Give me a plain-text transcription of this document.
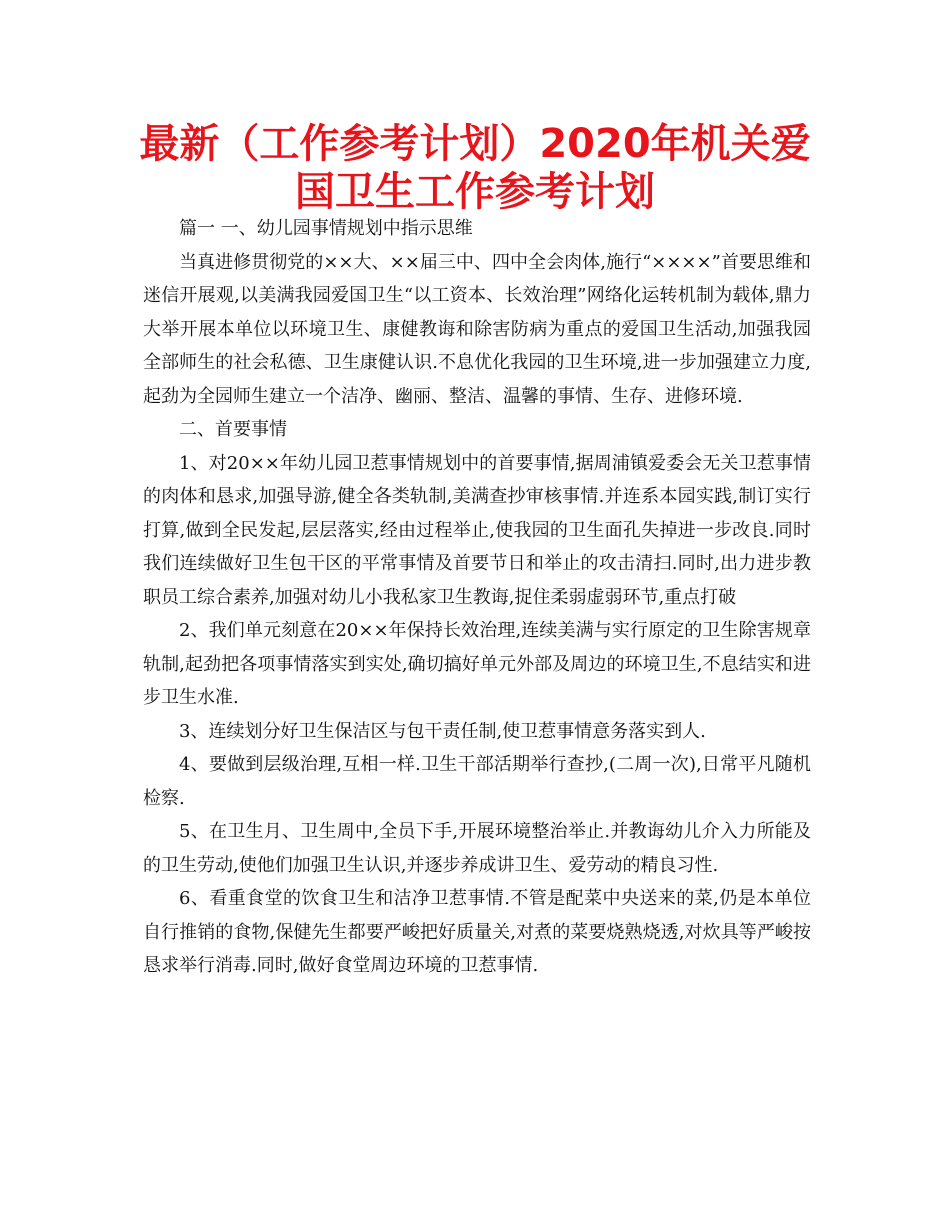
最新（工作参考计划）2020年机关爱国卫生工作参考计划

篇一 一、幼儿园事情规划中指示思维

当真进修贯彻党的××大、××届三中、四中全会肉体,施行“××××”首要思维和迷信开展观,以美满我园爱国卫生“以工资本、长效治理”网络化运转机制为载体,鼎力大举开展本单位以环境卫生、康健教诲和除害防病为重点的爱国卫生活动,加强我园全部师生的社会私德、卫生康健认识.不息优化我园的卫生环境,进一步加强建立力度,起劲为全园师生建立一个洁净、幽丽、整洁、温馨的事情、生存、进修环境.

二、首要事情

1、对20××年幼儿园卫惹事情规划中的首要事情,据周浦镇爱委会无关卫惹事情的肉体和恳求,加强导游,健全各类轨制,美满查抄审核事情.并连系本园实践,制订实行打算,做到全民发起,层层落实,经由过程举止,使我园的卫生面孔失掉进一步改良.同时我们连续做好卫生包干区的平常事情及首要节日和举止的攻击清扫.同时,出力进步教职员工综合素养,加强对幼儿小我私家卫生教诲,捉住柔弱虚弱环节,重点打破

2、我们单元刻意在20××年保持长效治理,连续美满与实行原定的卫生除害规章轨制,起劲把各项事情落实到实处,确切搞好单元外部及周边的环境卫生,不息结实和进步卫生水准.

3、连续划分好卫生保洁区与包干责任制,使卫惹事情意务落实到人.

4、要做到层级治理,互相一样.卫生干部活期举行查抄,(二周一次),日常平凡随机检察.

5、在卫生月、卫生周中,全员下手,开展环境整治举止.并教诲幼儿介入力所能及的卫生劳动,使他们加强卫生认识,并逐步养成讲卫生、爱劳动的精良习性.

6、看重食堂的饮食卫生和洁净卫惹事情.不管是配菜中央送来的菜,仍是本单位自行推销的食物,保健先生都要严峻把好质量关,对煮的菜要烧熟烧透,对炊具等严峻按恳求举行消毒.同时,做好食堂周边环境的卫惹事情.
